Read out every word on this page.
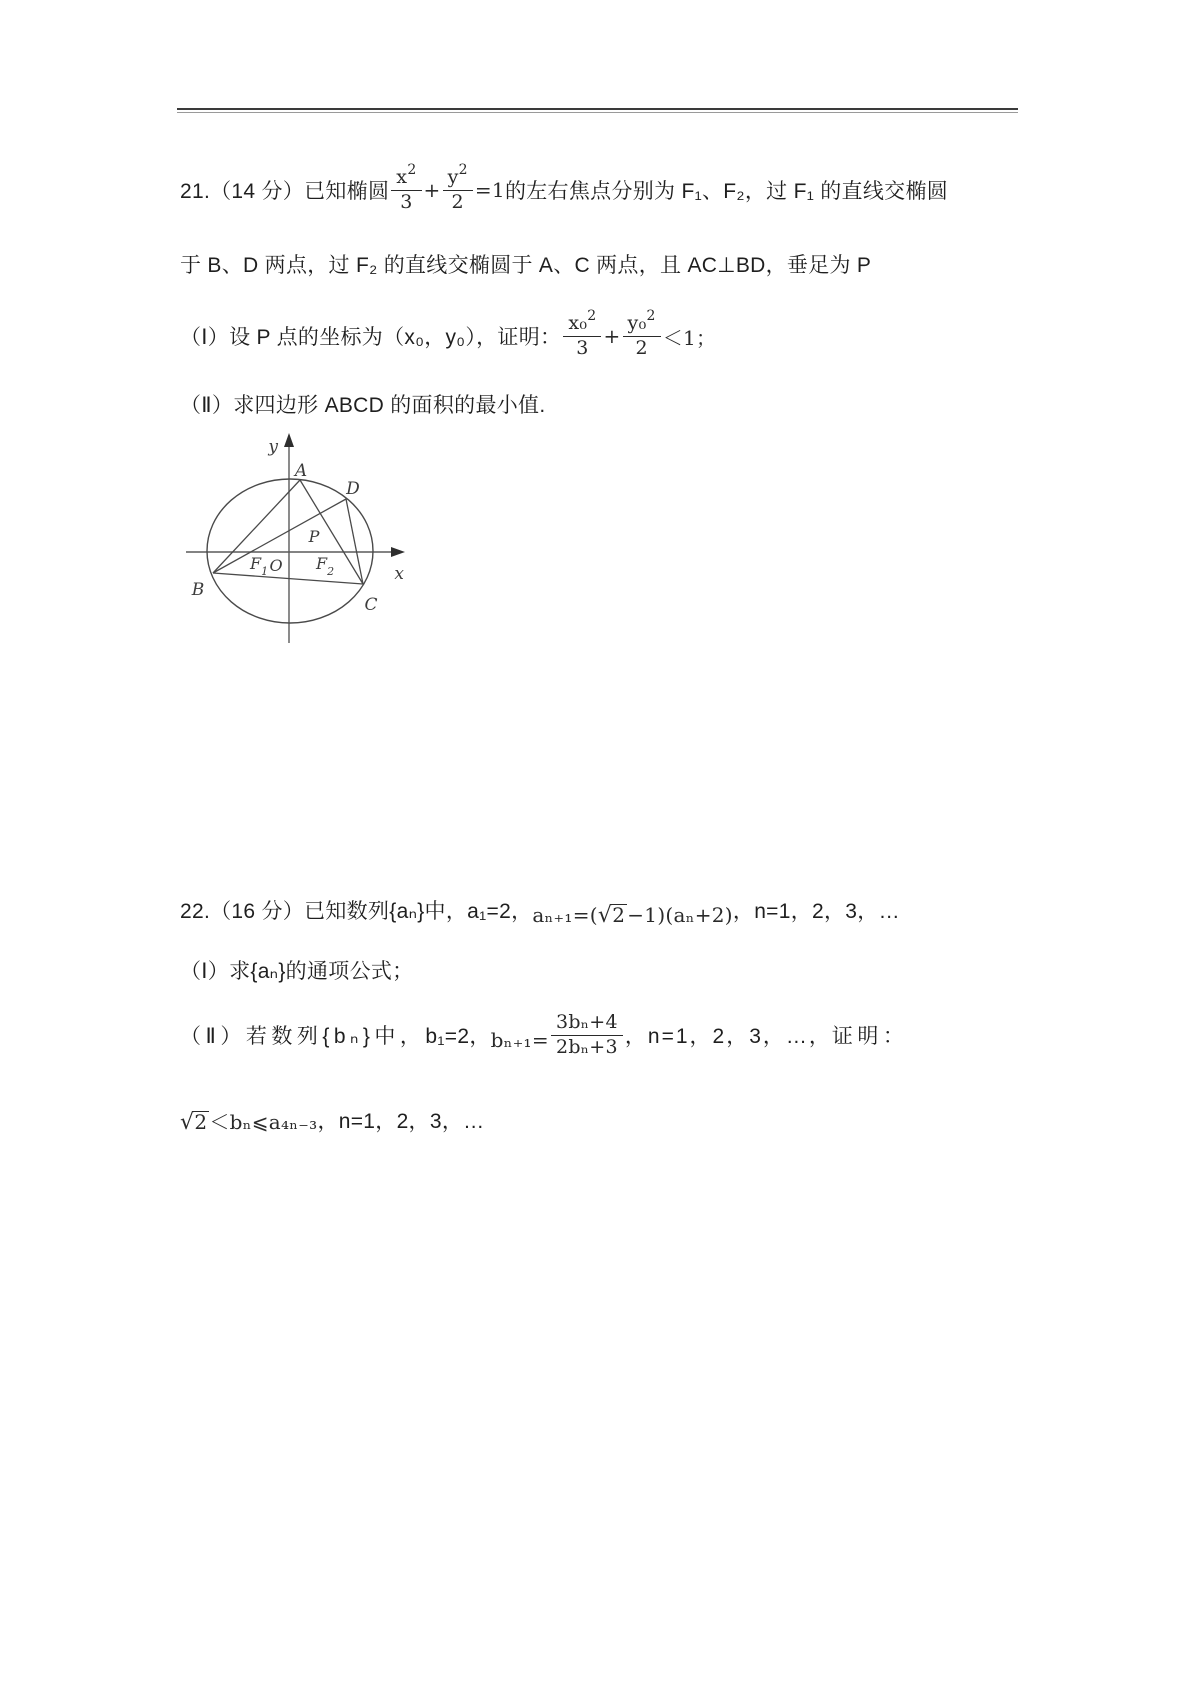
21.（14 分）已知椭圆 $\frac{x^2}{3} + \frac{y^2}{2} =1$ 的左右焦点分别为 F₁、F₂，过 F₁ 的直线交椭圆
于 B、D 两点，过 F₂ 的直线交椭圆于 A、C 两点，且 AC⊥BD，垂足为 P
（Ⅰ）设 P 点的坐标为（x₀，y₀），证明： $\frac{x_0^2}{3} + \frac{y_0^2}{2} <1$；
（Ⅱ）求四边形 ABCD 的面积的最小值.
y
x
A
D
P
B
C
O
$F_1$	$F_2$
22.（16 分）已知数列{aₙ}中，a₁=2， aₙ₊₁=(√2 −1)(aₙ+2) ，n=1，2，3，…
（Ⅰ）求{aₙ}的通项公式；
（Ⅱ）若数列{bₙ}中， b₁=2， $b_{n+1}= \frac{\text{3bₙ+4}}{\text{2bₙ+3}}$ ，n=1，2，3，…， 证明：
√2 ＜bₙ⩽a₄ₙ₋₃ ，n=1，2，3，…
